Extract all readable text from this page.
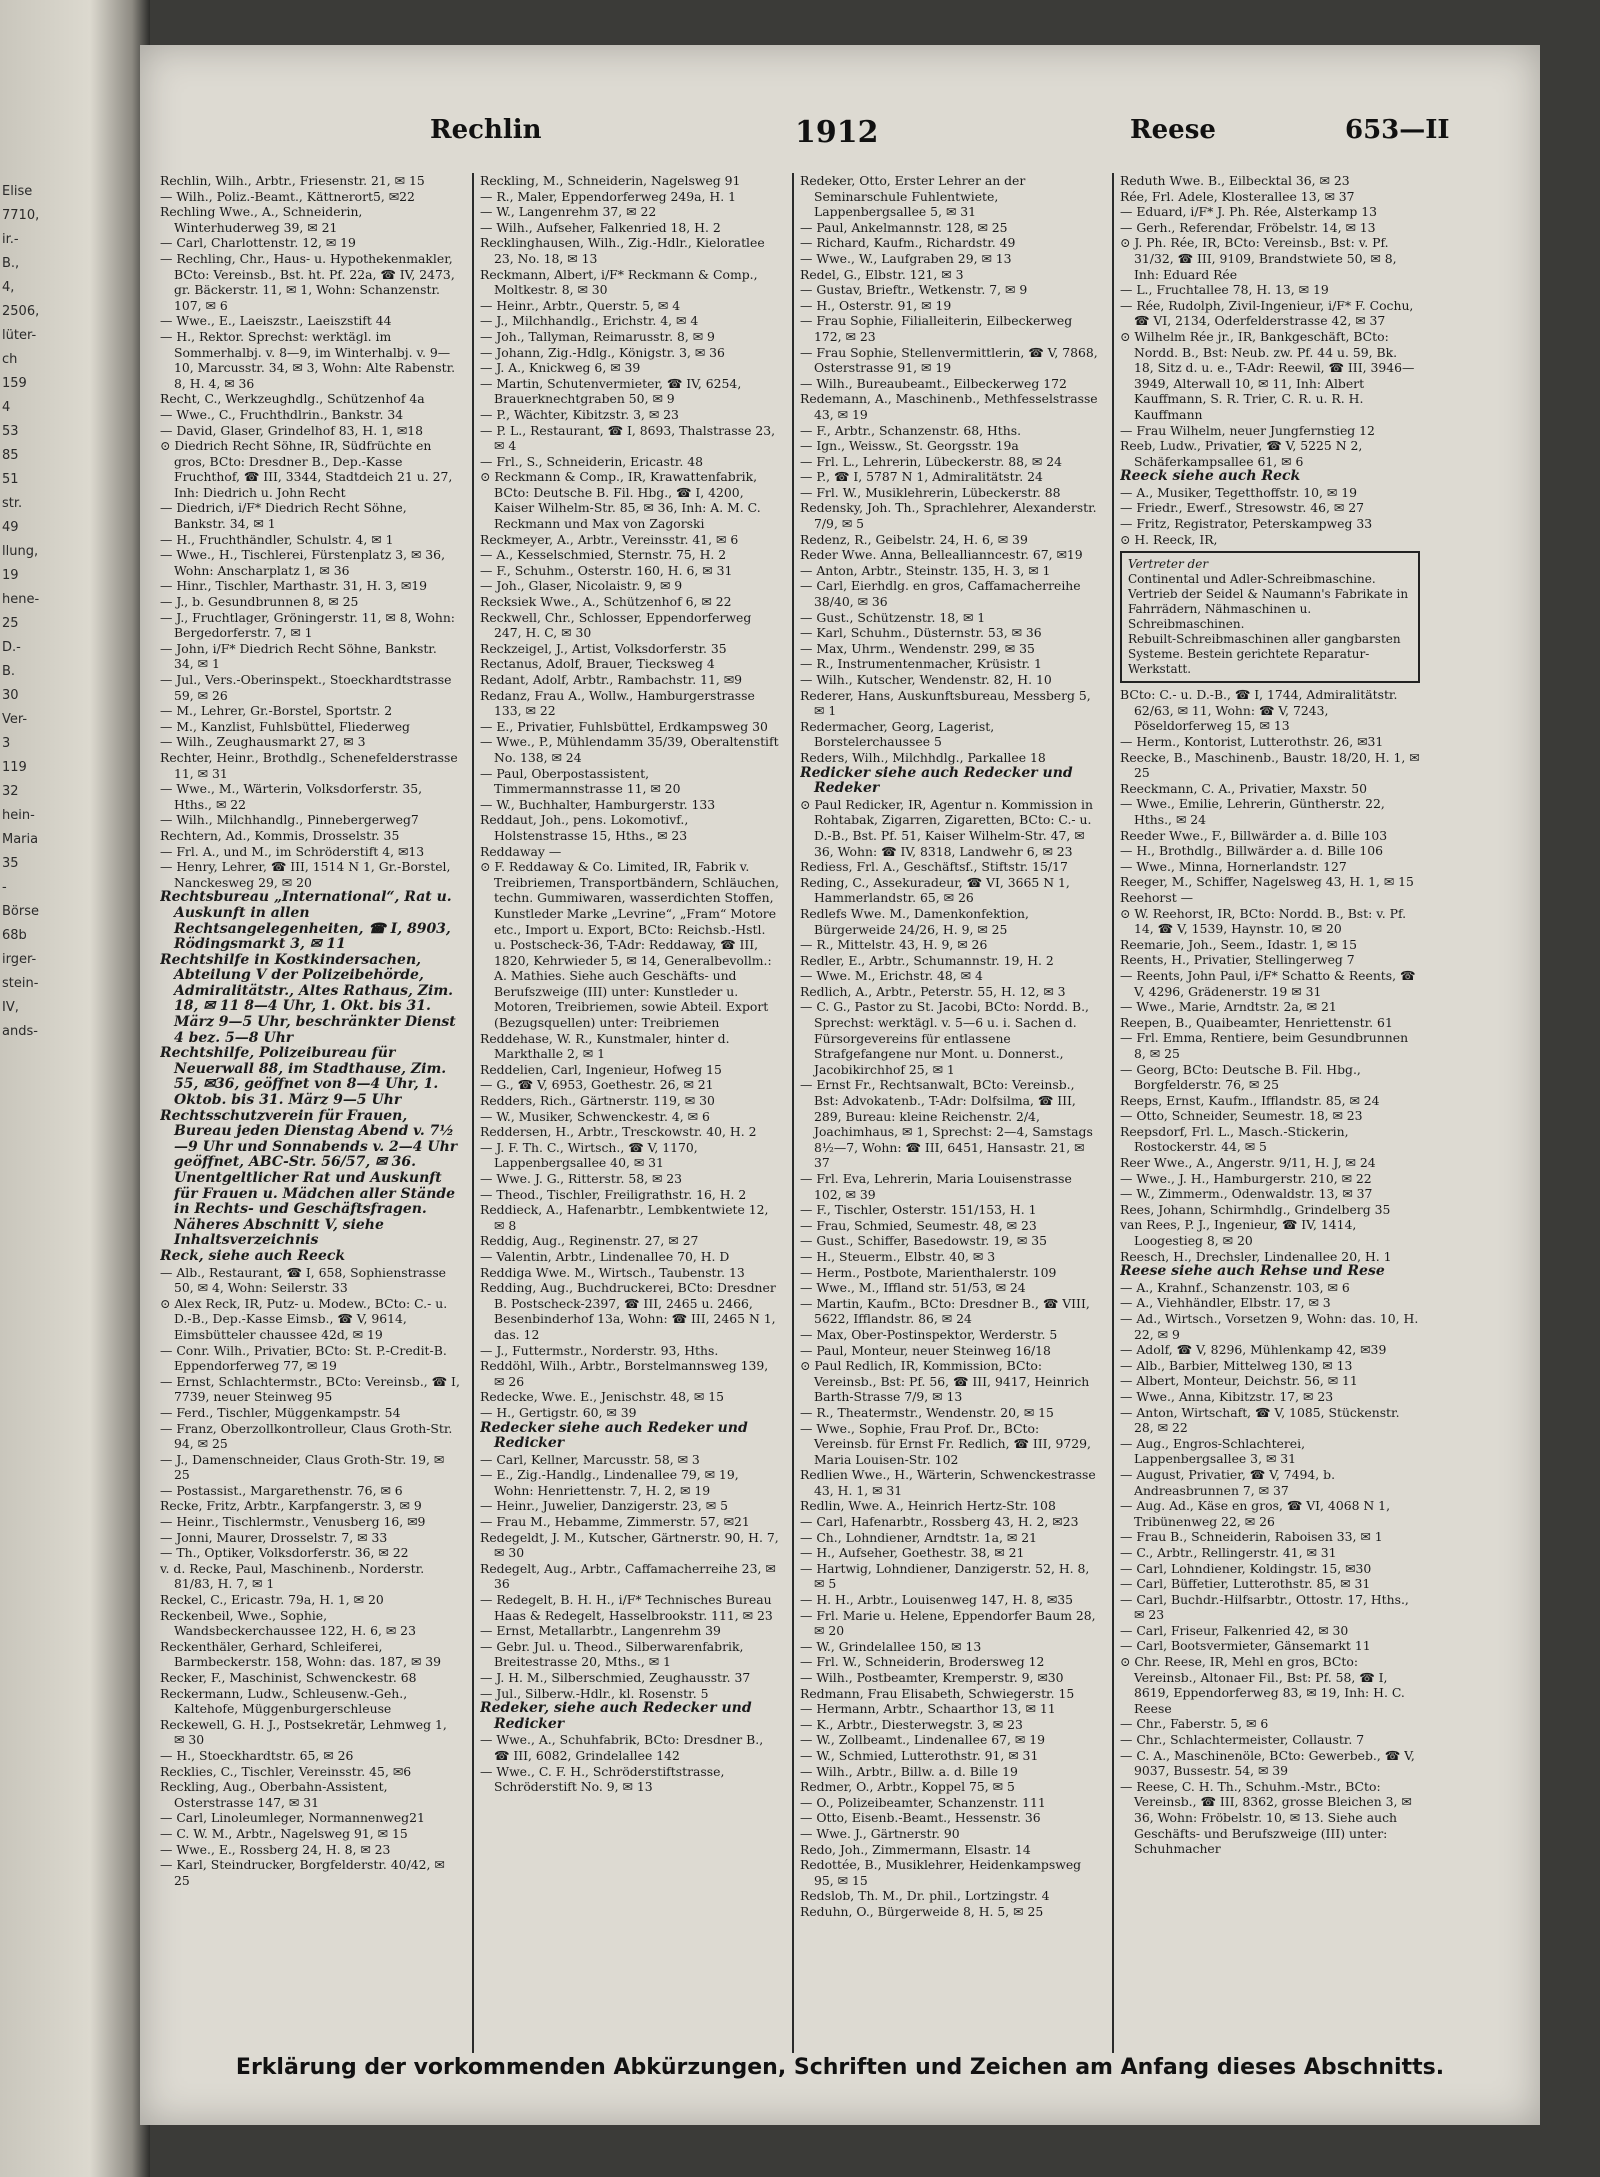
Elise
7710,
ir.-B.,
4,
2506,
lüter-
ch 159
4
53
85
51
str. 49
llung,
19
hene-
25
D.-B.
30
Ver-
3
119
32
hein-
Maria
35
-Börse
68b
irger-
stein-
IV,
ands-
Rechlin	1912	Reese	653—II

Rechlin, Wilh., Arbtr., Friesenstr. 21, ✉ 15

— Wilh., Poliz.-Beamt., Kättnerort5, ✉22

Rechling Wwe., A., Schneiderin, Winterhuderweg 39, ✉ 21

— Carl, Charlottenstr. 12, ✉ 19

— Rechling, Chr., Haus- u. Hypothekenmakler, BCto: Vereinsb., Bst. ht. Pf. 22a, ☎ IV, 2473, gr. Bäckerstr. 11, ✉ 1, Wohn: Schanzenstr. 107, ✉ 6

— Wwe., E., Laeiszstr., Laeiszstift 44

— H., Rektor. Sprechst: werktägl. im Sommerhalbj. v. 8—9, im Winterhalbj. v. 9—10, Marcusstr. 34, ✉ 3, Wohn: Alte Rabenstr. 8, H. 4, ✉ 36

Recht, C., Werkzeughdlg., Schützenhof 4a

— Wwe., C., Fruchthdlrin., Bankstr. 34

— David, Glaser, Grindelhof 83, H. 1, ✉18

⊙ Diedrich Recht Söhne, IR, Südfrüchte en gros, BCto: Dresdner B., Dep.-Kasse Fruchthof, ☎ III, 3344, Stadtdeich 21 u. 27, Inh: Diedrich u. John Recht

— Diedrich, i/F* Diedrich Recht Söhne, Bankstr. 34, ✉ 1

— H., Fruchthändler, Schulstr. 4, ✉ 1

— Wwe., H., Tischlerei, Fürstenplatz 3, ✉ 36, Wohn: Anscharplatz 1, ✉ 36

— Hinr., Tischler, Marthastr. 31, H. 3, ✉19

— J., b. Gesundbrunnen 8, ✉ 25

— J., Fruchtlager, Gröningerstr. 11, ✉ 8, Wohn: Bergedorferstr. 7, ✉ 1

— John, i/F* Diedrich Recht Söhne, Bankstr. 34, ✉ 1

— Jul., Vers.-Oberinspekt., Stoeckhardtstrasse 59, ✉ 26

— M., Lehrer, Gr.-Borstel, Sportstr. 2

— M., Kanzlist, Fuhlsbüttel, Fliederweg

— Wilh., Zeughausmarkt 27, ✉ 3

Rechter, Heinr., Brothdlg., Schenefelderstrasse 11, ✉ 31

— Wwe., M., Wärterin, Volksdorferstr. 35, Hths., ✉ 22

— Wilh., Milchhandlg., Pinnebergerweg7

Rechtern, Ad., Kommis, Drosselstr. 35

— Frl. A., und M., im Schröderstift 4, ✉13

— Henry, Lehrer, ☎ III, 1514 N 1, Gr.-Borstel, Nanckesweg 29, ✉ 20

Rechtsbureau „International“, Rat u. Auskunft in allen Rechtsangelegenheiten, ☎ I, 8903, Rödingsmarkt 3, ✉ 11

Rechtshilfe in Kostkindersachen, Abteilung V der Polizeibehörde, Admiralitätstr., Altes Rathaus, Zim. 18, ✉ 11 8—4 Uhr, 1. Okt. bis 31. März 9—5 Uhr, beschränkter Dienst 4 bez. 5—8 Uhr

Rechtshilfe, Polizeibureau für Neuerwall 88, im Stadthause, Zim. 55, ✉36, geöffnet von 8—4 Uhr, 1. Oktob. bis 31. März 9—5 Uhr

Rechtsschutzverein für Frauen, Bureau jeden Dienstag Abend v. 7½—9 Uhr und Sonnabends v. 2—4 Uhr geöffnet, ABC-Str. 56/57, ✉ 36. Unentgeltlicher Rat und Auskunft für Frauen u. Mädchen aller Stände in Rechts- und Geschäftsfragen. Näheres Abschnitt V, siehe Inhaltsverzeichnis

Reck, siehe auch Reeck

— Alb., Restaurant, ☎ I, 658, Sophienstrasse 50, ✉ 4, Wohn: Seilerstr. 33

⊙ Alex Reck, IR, Putz- u. Modew., BCto: C.- u. D.-B., Dep.-Kasse Eimsb., ☎ V, 9614, Eimsbütteler chaussee 42d, ✉ 19

— Conr. Wilh., Privatier, BCto: St. P.-Credit-B. Eppendorferweg 77, ✉ 19

— Ernst, Schlachtermstr., BCto: Vereinsb., ☎ I, 7739, neuer Steinweg 95

— Ferd., Tischler, Müggenkampstr. 54

— Franz, Oberzollkontrolleur, Claus Groth-Str. 94, ✉ 25

— J., Damenschneider, Claus Groth-Str. 19, ✉ 25

— Postassist., Margarethenstr. 76, ✉ 6

Recke, Fritz, Arbtr., Karpfangerstr. 3, ✉ 9

— Heinr., Tischlermstr., Venusberg 16, ✉9

— Jonni, Maurer, Drosselstr. 7, ✉ 33

— Th., Optiker, Volksdorferstr. 36, ✉ 22

v. d. Recke, Paul, Maschinenb., Norderstr. 81/83, H. 7, ✉ 1

Reckel, C., Ericastr. 79a, H. 1, ✉ 20

Reckenbeil, Wwe., Sophie, Wandsbeckerchaussee 122, H. 6, ✉ 23

Reckenthäler, Gerhard, Schleiferei, Barmbeckerstr. 158, Wohn: das. 187, ✉ 39

Recker, F., Maschinist, Schwenckestr. 68

Reckermann, Ludw., Schleusenw.-Geh., Kaltehofe, Müggenburgerschleuse

Reckewell, G. H. J., Postsekretär, Lehmweg 1, ✉ 30

— H., Stoeckhardtstr. 65, ✉ 26

Recklies, C., Tischler, Vereinsstr. 45, ✉6

Reckling, Aug., Oberbahn-Assistent, Osterstrasse 147, ✉ 31

— Carl, Linoleumleger, Normannenweg21

— C. W. M., Arbtr., Nagelsweg 91, ✉ 15

— Wwe., E., Rossberg 24, H. 8, ✉ 23

— Karl, Steindrucker, Borgfelderstr. 40/42, ✉ 25

Reckling, M., Schneiderin, Nagelsweg 91

— R., Maler, Eppendorferweg 249a, H. 1

— W., Langenrehm 37, ✉ 22

— Wilh., Aufseher, Falkenried 18, H. 2

Recklinghausen, Wilh., Zig.-Hdlr., Kieloratlee 23, No. 18, ✉ 13

Reckmann, Albert, i/F* Reckmann & Comp., Moltkestr. 8, ✉ 30

— Heinr., Arbtr., Querstr. 5, ✉ 4

— J., Milchhandlg., Erichstr. 4, ✉ 4

— Joh., Tallyman, Reimarusstr. 8, ✉ 9

— Johann, Zig.-Hdlg., Königstr. 3, ✉ 36

— J. A., Knickweg 6, ✉ 39

— Martin, Schutenvermieter, ☎ IV, 6254, Brauerknechtgraben 50, ✉ 9

— P., Wächter, Kibitzstr. 3, ✉ 23

— P. L., Restaurant, ☎ I, 8693, Thalstrasse 23, ✉ 4

— Frl., S., Schneiderin, Ericastr. 48

⊙ Reckmann & Comp., IR, Krawattenfabrik, BCto: Deutsche B. Fil. Hbg., ☎ I, 4200, Kaiser Wilhelm-Str. 85, ✉ 36, Inh: A. M. C. Reckmann und Max von Zagorski

Reckmeyer, A., Arbtr., Vereinsstr. 41, ✉ 6

— A., Kesselschmied, Sternstr. 75, H. 2

— F., Schuhm., Osterstr. 160, H. 6, ✉ 31

— Joh., Glaser, Nicolaistr. 9, ✉ 9

Recksiek Wwe., A., Schützenhof 6, ✉ 22

Reckwell, Chr., Schlosser, Eppendorferweg 247, H. C, ✉ 30

Reckzeigel, J., Artist, Volksdorferstr. 35

Rectanus, Adolf, Brauer, Tiecksweg 4

Redant, Adolf, Arbtr., Rambachstr. 11, ✉9

Redanz, Frau A., Wollw., Hamburgerstrasse 133, ✉ 22

— E., Privatier, Fuhlsbüttel, Erdkampsweg 30

— Wwe., P., Mühlendamm 35/39, Oberaltenstift No. 138, ✉ 24

— Paul, Oberpostassistent, Timmermannstrasse 11, ✉ 20

— W., Buchhalter, Hamburgerstr. 133

Reddaut, Joh., pens. Lokomotivf., Holstenstrasse 15, Hths., ✉ 23

Reddaway —

⊙ F. Reddaway & Co. Limited, IR, Fabrik v. Treibriemen, Transportbändern, Schläuchen, techn. Gummiwaren, wasserdichten Stoffen, Kunstleder Marke „Levrine“, „Fram“ Motore etc., Import u. Export, BCto: Reichsb.-Hstl. u. Postscheck-36, T-Adr: Reddaway, ☎ III, 1820, Kehrwieder 5, ✉ 14, Generalbevollm.: A. Mathies. Siehe auch Geschäfts- und Berufszweige (III) unter: Kunstleder u. Motoren, Treibriemen, sowie Abteil. Export (Bezugsquellen) unter: Treibriemen

Reddehase, W. R., Kunstmaler, hinter d. Markthalle 2, ✉ 1

Reddelien, Carl, Ingenieur, Hofweg 15

— G., ☎ V, 6953, Goethestr. 26, ✉ 21

Redders, Rich., Gärtnerstr. 119, ✉ 30

— W., Musiker, Schwenckestr. 4, ✉ 6

Reddersen, H., Arbtr., Tresckowstr. 40, H. 2

— J. F. Th. C., Wirtsch., ☎ V, 1170, Lappenbergsallee 40, ✉ 31

— Wwe. J. G., Ritterstr. 58, ✉ 23

— Theod., Tischler, Freiligrathstr. 16, H. 2

Reddieck, A., Hafenarbtr., Lembkentwiete 12, ✉ 8

Reddig, Aug., Reginenstr. 27, ✉ 27

— Valentin, Arbtr., Lindenallee 70, H. D

Reddiga Wwe. M., Wirtsch., Taubenstr. 13

Redding, Aug., Buchdruckerei, BCto: Dresdner B. Postscheck-2397, ☎ III, 2465 u. 2466, Besenbinderhof 13a, Wohn: ☎ III, 2465 N 1, das. 12

— J., Futtermstr., Norderstr. 93, Hths.

Reddöhl, Wilh., Arbtr., Borstelmannsweg 139, ✉ 26

Redecke, Wwe. E., Jenischstr. 48, ✉ 15

— H., Gertigstr. 60, ✉ 39

Redecker siehe auch Redeker und Redicker

— Carl, Kellner, Marcusstr. 58, ✉ 3

— E., Zig.-Handlg., Lindenallee 79, ✉ 19, Wohn: Henriettenstr. 7, H. 2, ✉ 19

— Heinr., Juwelier, Danzigerstr. 23, ✉ 5

— Frau M., Hebamme, Zimmerstr. 57, ✉21

Redegeldt, J. M., Kutscher, Gärtnerstr. 90, H. 7, ✉ 30

Redegelt, Aug., Arbtr., Caffamacherreihe 23, ✉ 36

— Redegelt, B. H. H., i/F* Technisches Bureau Haas & Redegelt, Hasselbrookstr. 111, ✉ 23

— Ernst, Metallarbtr., Langenrehm 39

— Gebr. Jul. u. Theod., Silberwarenfabrik, Breitestrasse 20, Mths., ✉ 1

— J. H. M., Silberschmied, Zeughausstr. 37

— Jul., Silberw.-Hdlr., kl. Rosenstr. 5

Redeker, siehe auch Redecker und Redicker

— Wwe., A., Schuhfabrik, BCto: Dresdner B., ☎ III, 6082, Grindelallee 142

— Wwe., C. F. H., Schröderstiftstrasse, Schröderstift No. 9, ✉ 13

Redeker, Otto, Erster Lehrer an der Seminarschule Fuhlentwiete, Lappenbergsallee 5, ✉ 31

— Paul, Ankelmannstr. 128, ✉ 25

— Richard, Kaufm., Richardstr. 49

— Wwe., W., Laufgraben 29, ✉ 13

Redel, G., Elbstr. 121, ✉ 3

— Gustav, Brieftr., Wetkenstr. 7, ✉ 9

— H., Osterstr. 91, ✉ 19

— Frau Sophie, Filialleiterin, Eilbeckerweg 172, ✉ 23

— Frau Sophie, Stellenvermittlerin, ☎ V, 7868, Osterstrasse 91, ✉ 19

— Wilh., Bureaubeamt., Eilbeckerweg 172

Redemann, A., Maschinenb., Methfesselstrasse 43, ✉ 19

— F., Arbtr., Schanzenstr. 68, Hths.

— Ign., Weissw., St. Georgsstr. 19a

— Frl. L., Lehrerin, Lübeckerstr. 88, ✉ 24

— P., ☎ I, 5787 N 1, Admiralitätstr. 24

— Frl. W., Musiklehrerin, Lübeckerstr. 88

Redensky, Joh. Th., Sprachlehrer, Alexanderstr. 7/9, ✉ 5

Redenz, R., Geibelstr. 24, H. 6, ✉ 39

Reder Wwe. Anna, Belleallianncestr. 67, ✉19

— Anton, Arbtr., Steinstr. 135, H. 3, ✉ 1

— Carl, Eierhdlg. en gros, Caffamacherreihe 38/40, ✉ 36

— Gust., Schützenstr. 18, ✉ 1

— Karl, Schuhm., Düsternstr. 53, ✉ 36

— Max, Uhrm., Wendenstr. 299, ✉ 35

— R., Instrumentenmacher, Krüsistr. 1

— Wilh., Kutscher, Wendenstr. 82, H. 10

Rederer, Hans, Auskunftsbureau, Messberg 5, ✉ 1

Redermacher, Georg, Lagerist, Borstelerchaussee 5

Reders, Wilh., Milchhdlg., Parkallee 18

Redicker siehe auch Redecker und Redeker

⊙ Paul Redicker, IR, Agentur n. Kommission in Rohtabak, Zigarren, Zigaretten, BCto: C.- u. D.-B., Bst. Pf. 51, Kaiser Wilhelm-Str. 47, ✉ 36, Wohn: ☎ IV, 8318, Landwehr 6, ✉ 23

Rediess, Frl. A., Geschäftsf., Stiftstr. 15/17

Reding, C., Assekuradeur, ☎ VI, 3665 N 1, Hammerlandstr. 65, ✉ 26

Redlefs Wwe. M., Damenkonfektion, Bürgerweide 24/26, H. 9, ✉ 25

— R., Mittelstr. 43, H. 9, ✉ 26

Redler, E., Arbtr., Schumannstr. 19, H. 2

— Wwe. M., Erichstr. 48, ✉ 4

Redlich, A., Arbtr., Peterstr. 55, H. 12, ✉ 3

— C. G., Pastor zu St. Jacobi, BCto: Nordd. B., Sprechst: werktägl. v. 5—6 u. i. Sachen d. Fürsorgevereins für entlassene Strafgefangene nur Mont. u. Donnerst., Jacobikirchhof 25, ✉ 1

— Ernst Fr., Rechtsanwalt, BCto: Vereinsb., Bst: Advokatenb., T-Adr: Dolfsilma, ☎ III, 289, Bureau: kleine Reichenstr. 2/4, Joachimhaus, ✉ 1, Sprechst: 2—4, Samstags 8½—7, Wohn: ☎ III, 6451, Hansastr. 21, ✉ 37

— Frl. Eva, Lehrerin, Maria Louisenstrasse 102, ✉ 39

— F., Tischler, Osterstr. 151/153, H. 1

— Frau, Schmied, Seumestr. 48, ✉ 23

— Gust., Schiffer, Basedowstr. 19, ✉ 35

— H., Steuerm., Elbstr. 40, ✉ 3

— Herm., Postbote, Marienthalerstr. 109

— Wwe., M., Iffland str. 51/53, ✉ 24

— Martin, Kaufm., BCto: Dresdner B., ☎ VIII, 5622, Ifflandstr. 86, ✉ 24

— Max, Ober-Postinspektor, Werderstr. 5

— Paul, Monteur, neuer Steinweg 16/18

⊙ Paul Redlich, IR, Kommission, BCto: Vereinsb., Bst: Pf. 56, ☎ III, 9417, Heinrich Barth-Strasse 7/9, ✉ 13

— R., Theatermstr., Wendenstr. 20, ✉ 15

— Wwe., Sophie, Frau Prof. Dr., BCto: Vereinsb. für Ernst Fr. Redlich, ☎ III, 9729, Maria Louisen-Str. 102

Redlien Wwe., H., Wärterin, Schwenckestrasse 43, H. 1, ✉ 31

Redlin, Wwe. A., Heinrich Hertz-Str. 108

— Carl, Hafenarbtr., Rossberg 43, H. 2, ✉23

— Ch., Lohndiener, Arndtstr. 1a, ✉ 21

— H., Aufseher, Goethestr. 38, ✉ 21

— Hartwig, Lohndiener, Danzigerstr. 52, H. 8, ✉ 5

— H. H., Arbtr., Louisenweg 147, H. 8, ✉35

— Frl. Marie u. Helene, Eppendorfer Baum 28, ✉ 20

— W., Grindelallee 150, ✉ 13

— Frl. W., Schneiderin, Brodersweg 12

— Wilh., Postbeamter, Kremperstr. 9, ✉30

Redmann, Frau Elisabeth, Schwiegerstr. 15

— Hermann, Arbtr., Schaarthor 13, ✉ 11

— K., Arbtr., Diesterwegstr. 3, ✉ 23

— W., Zollbeamt., Lindenallee 67, ✉ 19

— W., Schmied, Lutterothstr. 91, ✉ 31

— Wilh., Arbtr., Billw. a. d. Bille 19

Redmer, O., Arbtr., Koppel 75, ✉ 5

— O., Polizeibeamter, Schanzenstr. 111

— Otto, Eisenb.-Beamt., Hessenstr. 36

— Wwe. J., Gärtnerstr. 90

Redo, Joh., Zimmermann, Elsastr. 14

Redottée, B., Musiklehrer, Heidenkampsweg 95, ✉ 15

Redslob, Th. M., Dr. phil., Lortzingstr. 4

Reduhn, O., Bürgerweide 8, H. 5, ✉ 25

Reduth Wwe. B., Eilbecktal 36, ✉ 23

Rée, Frl. Adele, Klosterallee 13, ✉ 37

— Eduard, i/F* J. Ph. Rée, Alsterkamp 13

— Gerh., Referendar, Fröbelstr. 14, ✉ 13

⊙ J. Ph. Rée, IR, BCto: Vereinsb., Bst: v. Pf. 31/32, ☎ III, 9109, Brandstwiete 50, ✉ 8, Inh: Eduard Rée

— L., Fruchtallee 78, H. 13, ✉ 19

— Rée, Rudolph, Zivil-Ingenieur, i/F* F. Cochu, ☎ VI, 2134, Oderfelderstrasse 42, ✉ 37

⊙ Wilhelm Rée jr., IR, Bankgeschäft, BCto: Nordd. B., Bst: Neub. zw. Pf. 44 u. 59, Bk. 18, Sitz d. u. e., T-Adr: Reewil, ☎ III, 3946—3949, Alterwall 10, ✉ 11, Inh: Albert Kauffmann, S. R. Trier, C. R. u. R. H. Kauffmann

— Frau Wilhelm, neuer Jungfernstieg 12

Reeb, Ludw., Privatier, ☎ V, 5225 N 2, Schäferkampsallee 61, ✉ 6

Reeck siehe auch Reck

— A., Musiker, Tegetthoffstr. 10, ✉ 19

— Friedr., Ewerf., Stresowstr. 46, ✉ 27

— Fritz, Registrator, Peterskampweg 33

⊙ H. Reeck, IR,

Vertreter der
Continental und Adler-Schreibmaschine.
Vertrieb der Seidel & Naumann's Fabrikate in Fahrrädern, Nähmaschinen u. Schreibmaschinen.
Rebuilt-Schreibmaschinen aller gangbarsten Systeme. Bestein gerichtete Reparatur-Werkstatt.

BCto: C.- u. D.-B., ☎ I, 1744, Admiralitätstr. 62/63, ✉ 11, Wohn: ☎ V, 7243, Pöseldorferweg 15, ✉ 13

— Herm., Kontorist, Lutterothstr. 26, ✉31

Reecke, B., Maschinenb., Baustr. 18/20, H. 1, ✉ 25

Reeckmann, C. A., Privatier, Maxstr. 50

— Wwe., Emilie, Lehrerin, Güntherstr. 22, Hths., ✉ 24

Reeder Wwe., F., Billwärder a. d. Bille 103

— H., Brothdlg., Billwärder a. d. Bille 106

— Wwe., Minna, Hornerlandstr. 127

Reeger, M., Schiffer, Nagelsweg 43, H. 1, ✉ 15

Reehorst —

⊙ W. Reehorst, IR, BCto: Nordd. B., Bst: v. Pf. 14, ☎ V, 1539, Haynstr. 10, ✉ 20

Reemarie, Joh., Seem., Idastr. 1, ✉ 15

Reents, H., Privatier, Stellingerweg 7

— Reents, John Paul, i/F* Schatto & Reents, ☎ V, 4296, Grädenerstr. 19 ✉ 31

— Wwe., Marie, Arndtstr. 2a, ✉ 21

Reepen, B., Quaibeamter, Henriettenstr. 61

— Frl. Emma, Rentiere, beim Gesundbrunnen 8, ✉ 25

— Georg, BCto: Deutsche B. Fil. Hbg., Borgfelderstr. 76, ✉ 25

Reeps, Ernst, Kaufm., Ifflandstr. 85, ✉ 24

— Otto, Schneider, Seumestr. 18, ✉ 23

Reepsdorf, Frl. L., Masch.-Stickerin, Rostockerstr. 44, ✉ 5

Reer Wwe., A., Angerstr. 9/11, H. J, ✉ 24

— Wwe., J. H., Hamburgerstr. 210, ✉ 22

— W., Zimmerm., Odenwaldstr. 13, ✉ 37

Rees, Johann, Schirmhdlg., Grindelberg 35

van Rees, P. J., Ingenieur, ☎ IV, 1414, Loogestieg 8, ✉ 20

Reesch, H., Drechsler, Lindenallee 20, H. 1

Reese siehe auch Rehse und Rese

— A., Krahnf., Schanzenstr. 103, ✉ 6

— A., Viehhändler, Elbstr. 17, ✉ 3

— Ad., Wirtsch., Vorsetzen 9, Wohn: das. 10, H. 22, ✉ 9

— Adolf, ☎ V, 8296, Mühlenkamp 42, ✉39

— Alb., Barbier, Mittelweg 130, ✉ 13

— Albert, Monteur, Deichstr. 56, ✉ 11

— Wwe., Anna, Kibitzstr. 17, ✉ 23

— Anton, Wirtschaft, ☎ V, 1085, Stückenstr. 28, ✉ 22

— Aug., Engros-Schlachterei, Lappenbergsallee 3, ✉ 31

— August, Privatier, ☎ V, 7494, b. Andreasbrunnen 7, ✉ 37

— Aug. Ad., Käse en gros, ☎ VI, 4068 N 1, Tribünenweg 22, ✉ 26

— Frau B., Schneiderin, Raboisen 33, ✉ 1

— C., Arbtr., Rellingerstr. 41, ✉ 31

— Carl, Lohndiener, Koldingstr. 15, ✉30

— Carl, Büffetier, Lutterothstr. 85, ✉ 31

— Carl, Buchdr.-Hilfsarbtr., Ottostr. 17, Hths., ✉ 23

— Carl, Friseur, Falkenried 42, ✉ 30

— Carl, Bootsvermieter, Gänsemarkt 11

⊙ Chr. Reese, IR, Mehl en gros, BCto: Vereinsb., Altonaer Fil., Bst: Pf. 58, ☎ I, 8619, Eppendorferweg 83, ✉ 19, Inh: H. C. Reese

— Chr., Faberstr. 5, ✉ 6

— Chr., Schlachtermeister, Collaustr. 7

— C. A., Maschinenöle, BCto: Gewerbeb., ☎ V, 9037, Bussestr. 54, ✉ 39

— Reese, C. H. Th., Schuhm.-Mstr., BCto: Vereinsb., ☎ III, 8362, grosse Bleichen 3, ✉ 36, Wohn: Fröbelstr. 10, ✉ 13. Siehe auch Geschäfts- und Berufszweige (III) unter: Schuhmacher

Erklärung der vorkommenden Abkürzungen, Schriften und Zeichen am Anfang dieses Abschnitts.
